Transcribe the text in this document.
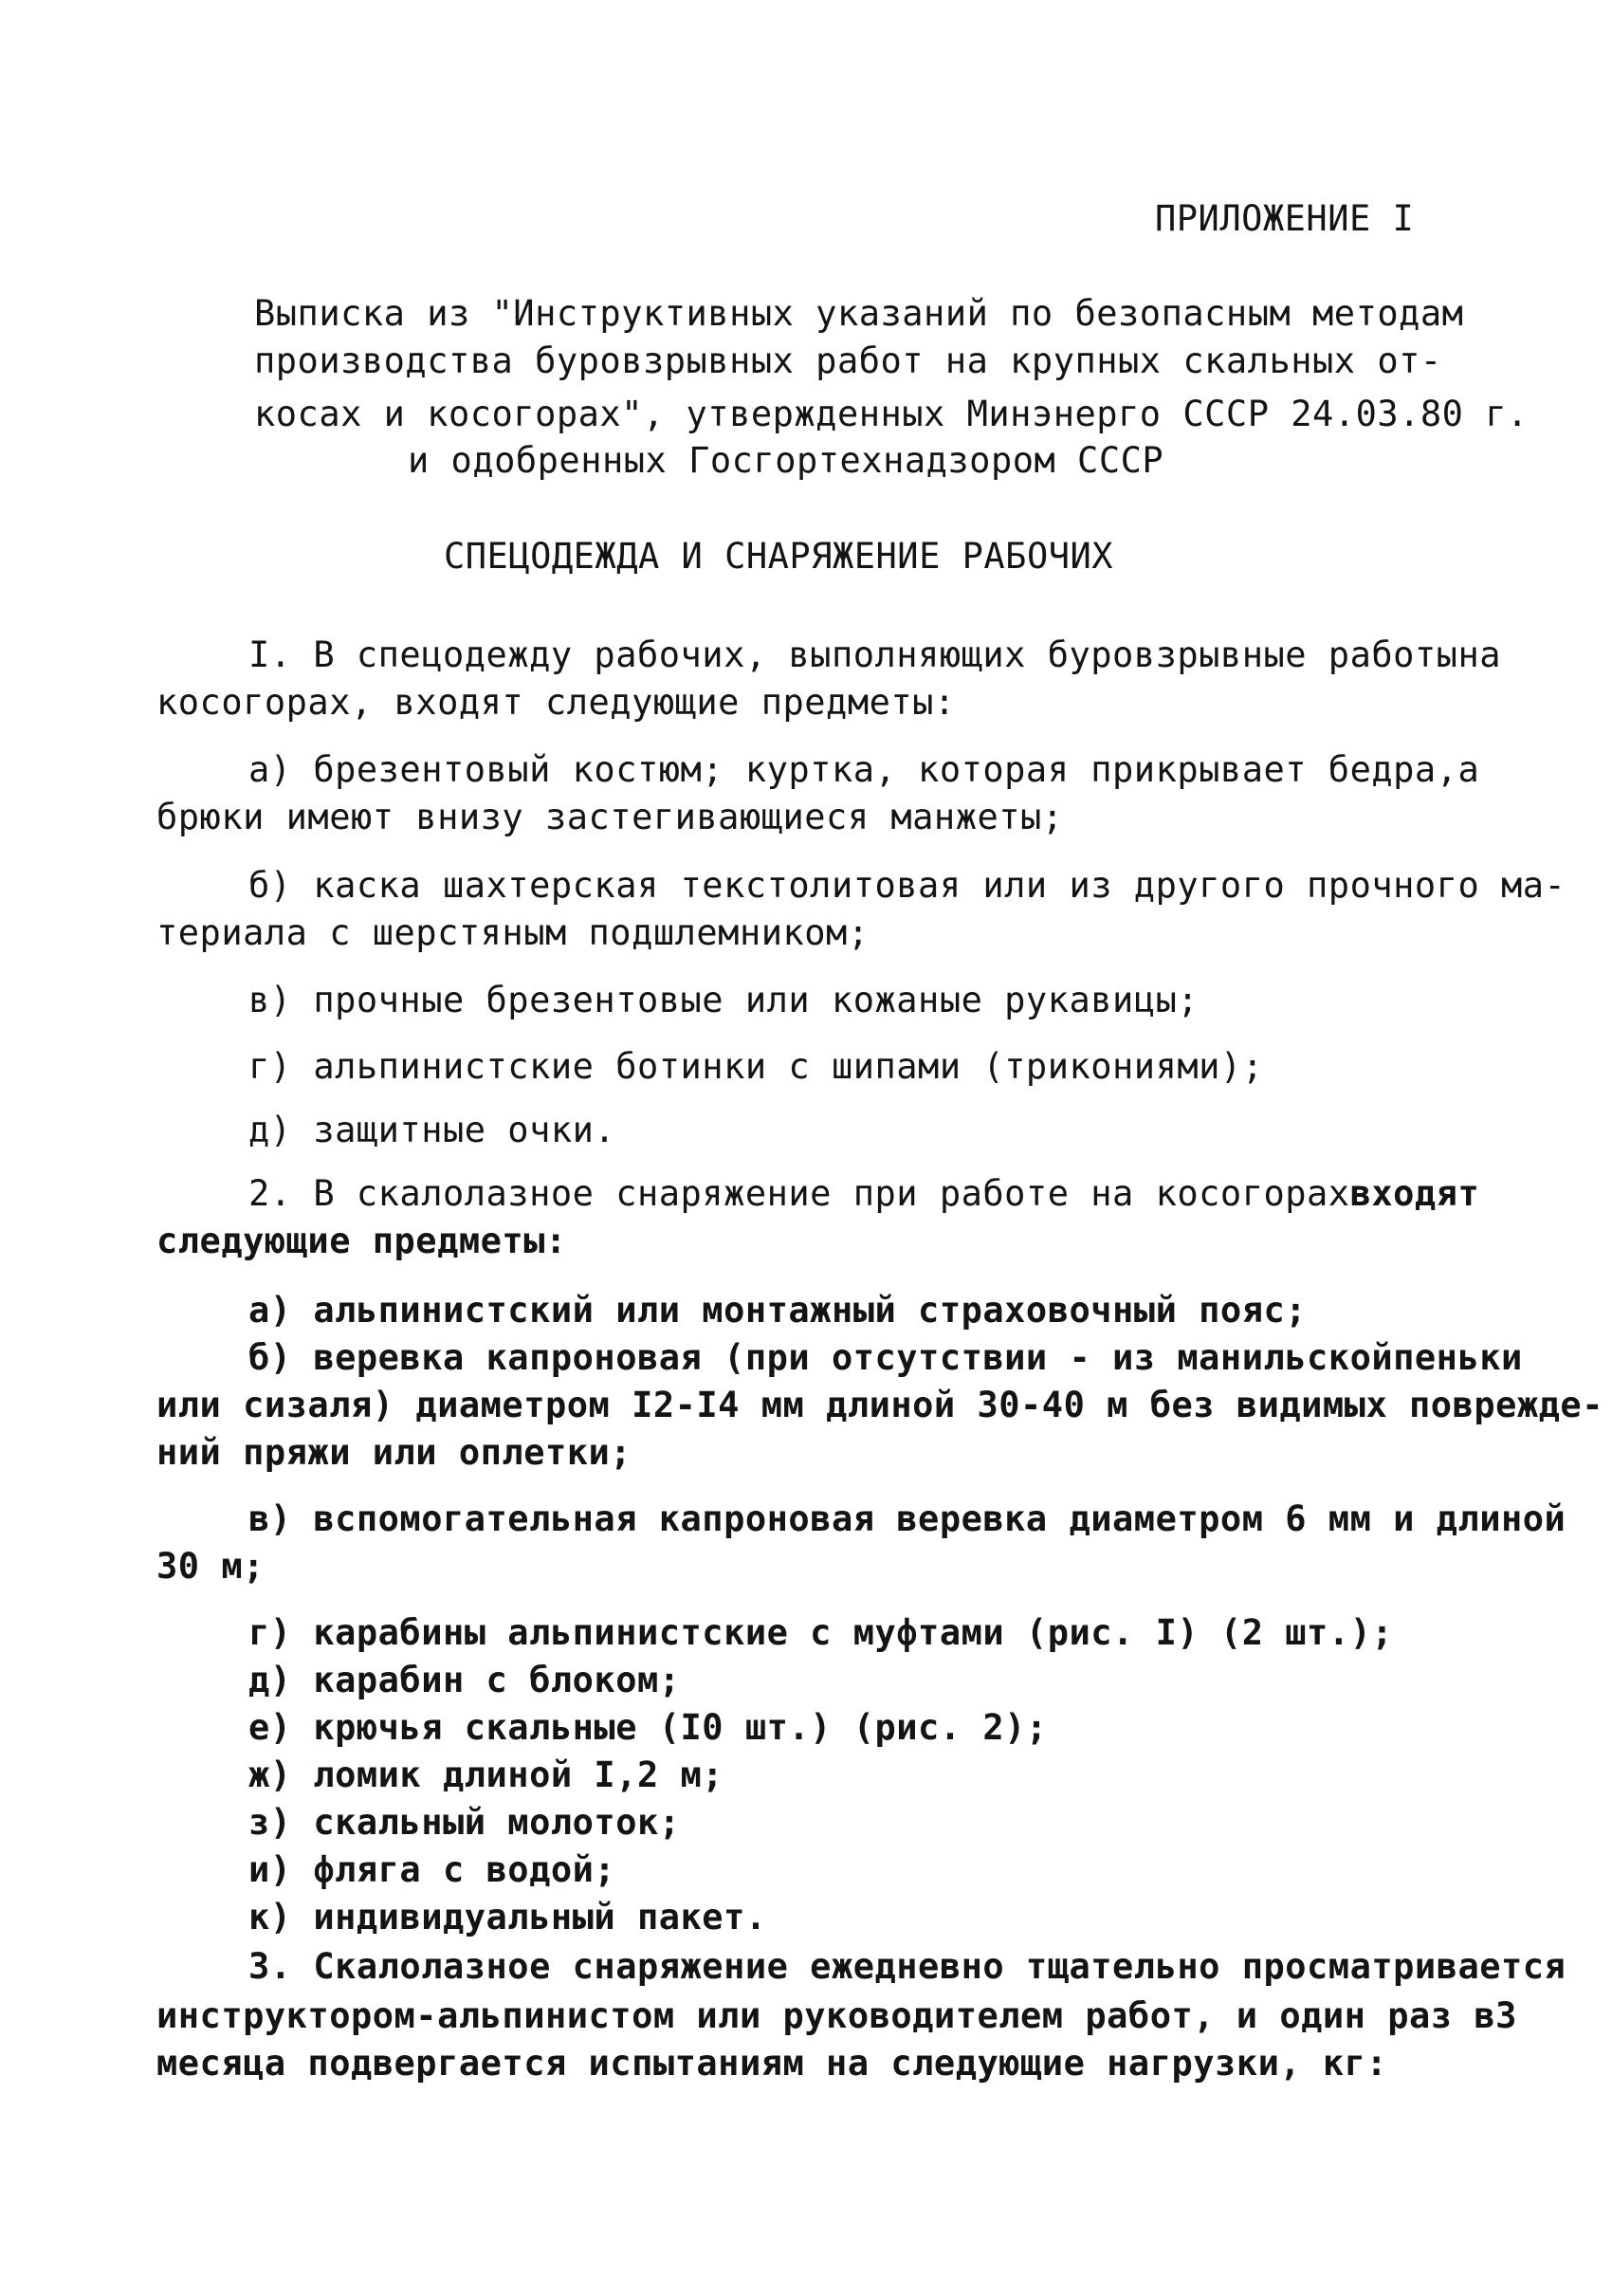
ПРИЛОЖЕНИЕ I
Выписка из "Инструктивных указаний по безопасным методам
производства буровзрывных работ на крупных скальных от-
косах и косогорах", утвержденных Минэнерго СССР 24.03.80 г.
и одобренных Госгортехнадзором СССР
СПЕЦОДЕЖДА И СНАРЯЖЕНИЕ РАБОЧИХ
I. В спецодежду рабочих, выполняющих буровзрывные работы на
косогорах, входят следующие предметы:
а) брезентовый костюм; куртка, которая прикрывает бедра, а
брюки имеют внизу застегивающиеся манжеты;
б) каска шахтерская текстолитовая или из другого прочного ма-
териала с шерстяным подшлемником;
в) прочные брезентовые или кожаные рукавицы;
г) альпинистские ботинки с шипами (трикониями);
д) защитные очки.
2. В скалолазное снаряжение при работе на косогорах входят
следующие предметы:
а) альпинистский или монтажный страховочный пояс;
б) веревка капроновая (при отсутствии - из манильской пеньки
или сизаля) диаметром I2-I4 мм длиной 30-40 м без видимых поврежде-
ний пряжи или оплетки;
в) вспомогательная капроновая веревка диаметром 6 мм и длиной
30 м;
г) карабины альпинистские с муфтами (рис. I) (2 шт.);
д) карабин с блоком;
е) крючья скальные (I0 шт.) (рис. 2);
ж) ломик длиной I,2 м;
з) скальный молоток;
и) фляга с водой;
к) индивидуальный пакет.
3. Скалолазное снаряжение ежедневно тщательно просматривается
инструктором-альпинистом или руководителем работ, и один раз в 3
месяца подвергается испытаниям на следующие нагрузки, кг:
